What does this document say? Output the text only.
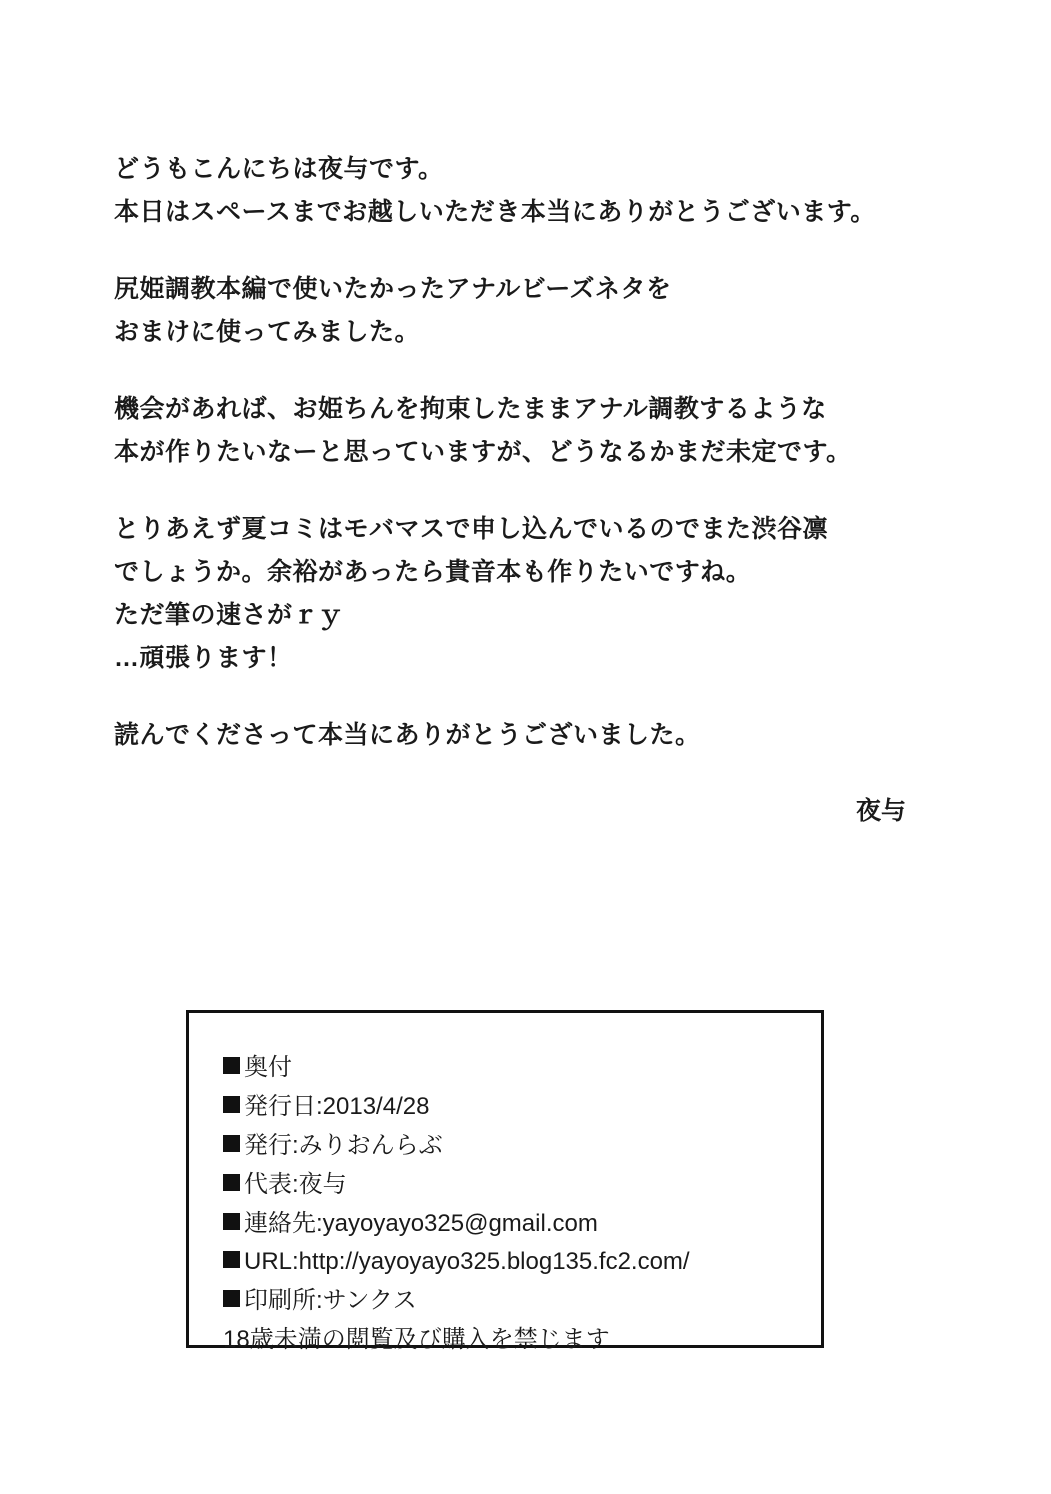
どうもこんにちは夜与です。
本日はスペースまでお越しいただき本当にありがとうございます。
尻姫調教本編で使いたかったアナルビーズネタを
おまけに使ってみました。
機会があれば、お姫ちんを拘束したままアナル調教するような
本が作りたいなーと思っていますが、どうなるかまだ未定です。
とりあえず夏コミはモバマスで申し込んでいるのでまた渋谷凛
でしょうか。余裕があったら貴音本も作りたいですね。
ただ筆の速さがｒｙ
…頑張ります！
読んでくださって本当にありがとうございました。
夜与
奥付
発行日:2013/4/28
発行:みりおんらぶ
代表:夜与
連絡先:yayoyayo325@gmail.com
URL:http://yayoyayo325.blog135.fc2.com/
印刷所:サンクス
18歳未満の閲覧及び購入を禁じます
